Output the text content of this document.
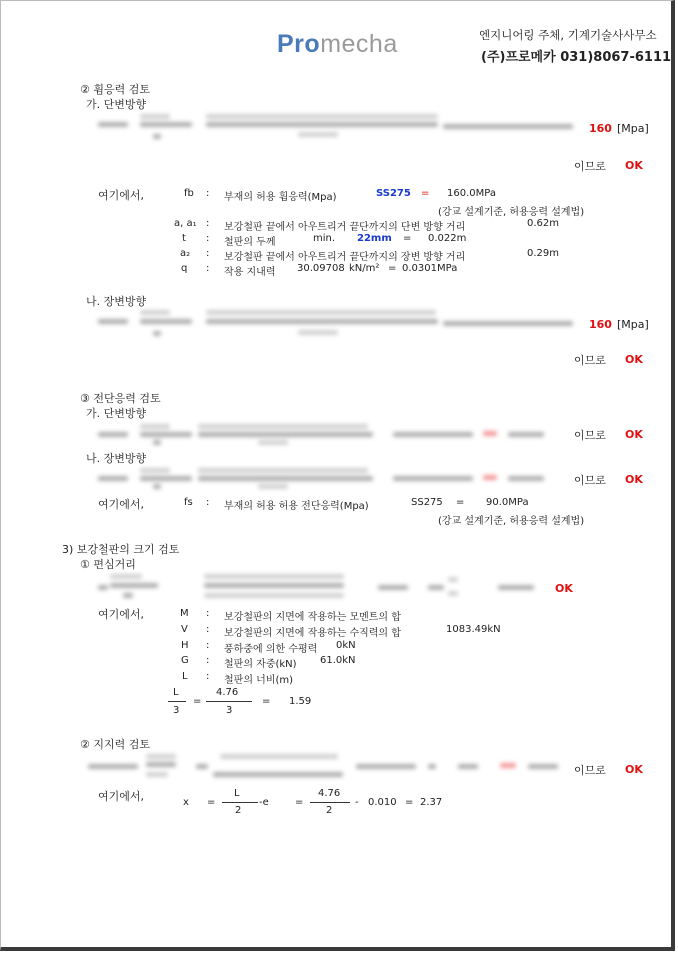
Promecha	엔지니어링 주체, 기계기술사사무소
(주)프로메카 031)8067-6111
② 휨응력 검토
가. 단변방향
160 [Mpa]
이므로 OK
여기에서,	fb : 부재의 허용 휨응력(Mpa)	SS275 = 160.0MPa
(강교 설계기준, 허용응력 설계법)
a, a₁ : 보강철판 끝에서 아우트리거 끝단까지의 단변 방향 거리	0.62m
t : 철판의 두께	min. 22mm = 0.022m
a₂ : 보강철판 끝에서 아우트리거 끝단까지의 장변 방향 거리	0.29m
q : 작용 지내력 30.09708 kN/m² = 0.0301MPa
나. 장변방향
160 [Mpa]
이므로 OK
③ 전단응력 검토
가. 단변방향
이므로 OK
나. 장변방향
이므로 OK
여기에서,	fs : 부재의 허용 허용 전단응력(Mpa)	SS275 = 90.0MPa
(강교 설계기준, 허용응력 설계법)
3) 보강철판의 크기 검토
① 편심거리
OK
여기에서,	M : 보강철판의 지면에 작용하는 모멘트의 합
V : 보강철판의 지면에 작용하는 수직력의 합	1083.49kN
H : 풍하중에 의한 수평력 0kN
G : 철판의 자중(kN) 61.0kN
L : 철판의 너비(m)
L
3
=
4.76
3
= 1.59
② 지지력 검토
이므로 OK
여기에서,	x =
L
2
-e	=
4.76
2
- 0.010 = 2.37
